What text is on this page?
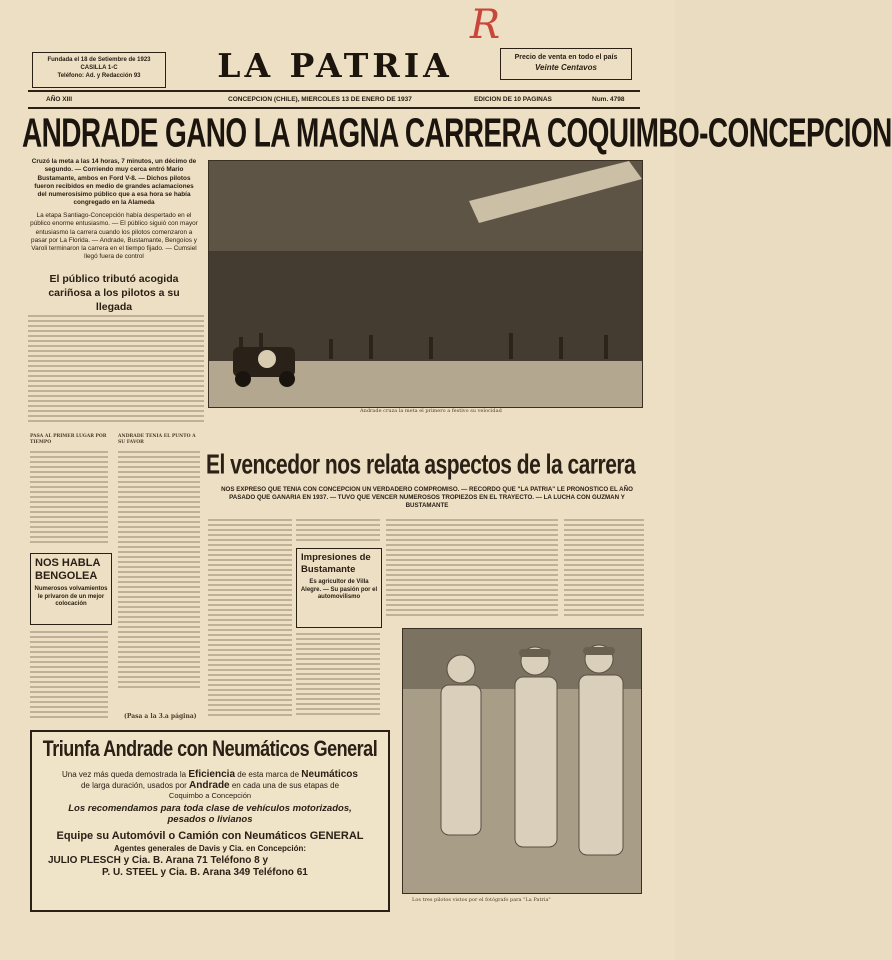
Fundada el 18 de Setiembre de 1923
CASILLA 1-C
Teléfono: Ad. y Redacción 93	LA PATRIA
R
Precio de venta en todo el país
Veinte Centavos
AÑO XIII	CONCEPCION (CHILE), MIERCOLES 13 DE ENERO DE 1937	EDICION DE 10 PAGINAS	Num. 4798
ANDRADE GANO LA MAGNA CARRERA COQUIMBO-CONCEPCION
Cruzó la meta a las 14 horas, 7 minutos, un décimo de segundo. — Corriendo muy cerca entró Mario Bustamante, ambos en Ford V-8. — Dichos pilotos fueron recibidos en medio de grandes aclamaciones del numerosísimo público que a esa hora se había congregado en la Alameda
La etapa Santiago-Concepción había despertado en el público enorme entusiasmo. — El público siguió con mayor entusiasmo la carrera cuando los pilotos comenzaron a pasar por La Florida. — Andrade, Bustamante, Bengoíos y Varoli terminaron la carrera en el tiempo fijado. — Cumsiel llegó fuera de control
El público tributó acogida cariñosa a los pilotos a su llegada
Andrade cruza la meta el primero a festivo su velocidad
PASA AL PRIMER LUGAR POR TIEMPO
ANDRADE TENIA EL PUNTO A SU FAVOR
NOS HABLA BENGOLEA
Numerosos volvamientos le privaron de un mejor colocación
(Pasa a la 3.a página)
El vencedor nos relata aspectos de la carrera
NOS EXPRESO QUE TENIA CON CONCEPCION UN VERDADERO COMPROMISO. — RECORDO QUE "LA PATRIA" LE PRONOSTICO EL AÑO PASADO QUE GANARIA EN 1937. — TUVO QUE VENCER NUMEROSOS TROPIEZOS EN EL TRAYECTO. — LA LUCHA CON GUZMAN Y BUSTAMANTE
Impresiones de Bustamante
Es agricultor de Villa Alegre. — Su pasión por el automovilismo
Los tres pilotos vistos por el fotógrafo para "La Patria"
Triunfa Andrade con Neumáticos General
Una vez más queda demostrada la Eficiencia de esta marca de Neumáticos
de larga duración, usados por Andrade en cada una de sus etapas de
Coquimbo a Concepción
Los recomendamos para toda clase de vehículos motorizados, pesados o livianos
Equipe su Automóvil o Camión con Neumáticos GENERAL
Agentes generales de Davis y Cia. en Concepción:
JULIO PLESCH y Cia. B. Arana 71 Teléfono 8 y
P. U. STEEL y Cia. B. Arana 349 Teléfono 61
